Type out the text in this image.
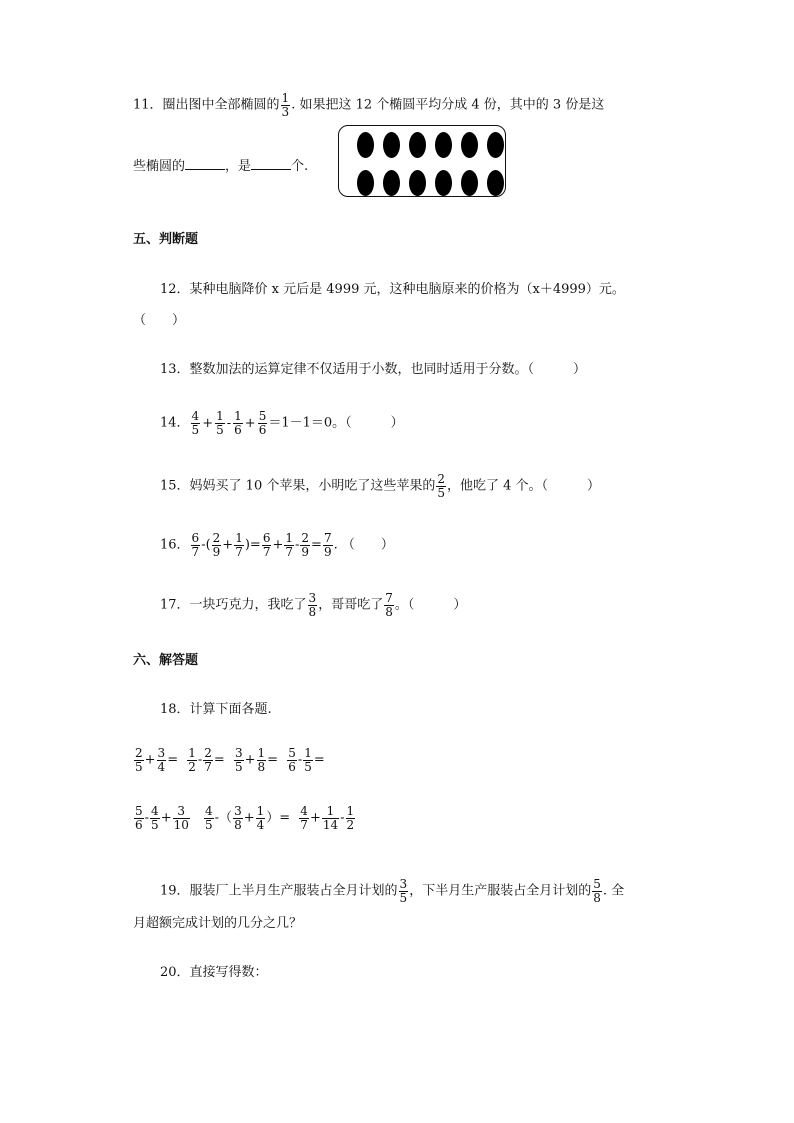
11．圈出图中全部椭圆的 $\frac{1}{3}$ . 如果把这 12 个椭圆平均分成 4 份，其中的 3 份是这
些椭圆的	，是	个.
五、判断题
12．某种电脑降价 x 元后是 4999 元，这种电脑原来的价格为（x＋4999）元。
（　　）
13．整数加法的运算定律不仅适用于小数，也同时适用于分数。（　　　）
14． $\frac{4}{5} + \frac{1}{5} - \frac{1}{6} + \frac{5}{6} =1-1=0$。（　　　）
15．妈妈买了 10 个苹果，小明吃了这些苹果的 $\frac{2}{5}$ ，他吃了 4 个。（　　　）
16． $\frac{6}{7}$ -( $\frac{2}{9} + \frac{1}{7}$ )= $\frac{6}{7} + \frac{1}{7} - \frac{2}{9} = \frac{7}{9}$ . （　　）
17．一块巧克力，我吃了 $\frac{3}{8}$ ，哥哥吃了 $\frac{7}{8}$ 。（　　　）
六、解答题
18．计算下面各题.
$\frac{2}{5} + \frac{3}{4} = \frac{1}{2} - \frac{2}{7} = \frac{3}{5} + \frac{1}{8} = \frac{5}{6} - \frac{1}{5}$ =
$\frac{5}{6} - \frac{4}{5} + \frac{3}{10}$
$\frac{4}{5}$ -（ $\frac{3}{8} + \frac{1}{4}$ ）= $\frac{4}{7} + \frac{1}{14} - \frac{1}{2}$
19．服装厂上半月生产服装占全月计划的 $\frac{3}{5}$ ，下半月生产服装占全月计划的 $\frac{5}{8}$ . 全
月超额完成计划的几分之几？
20．直接写得数：
